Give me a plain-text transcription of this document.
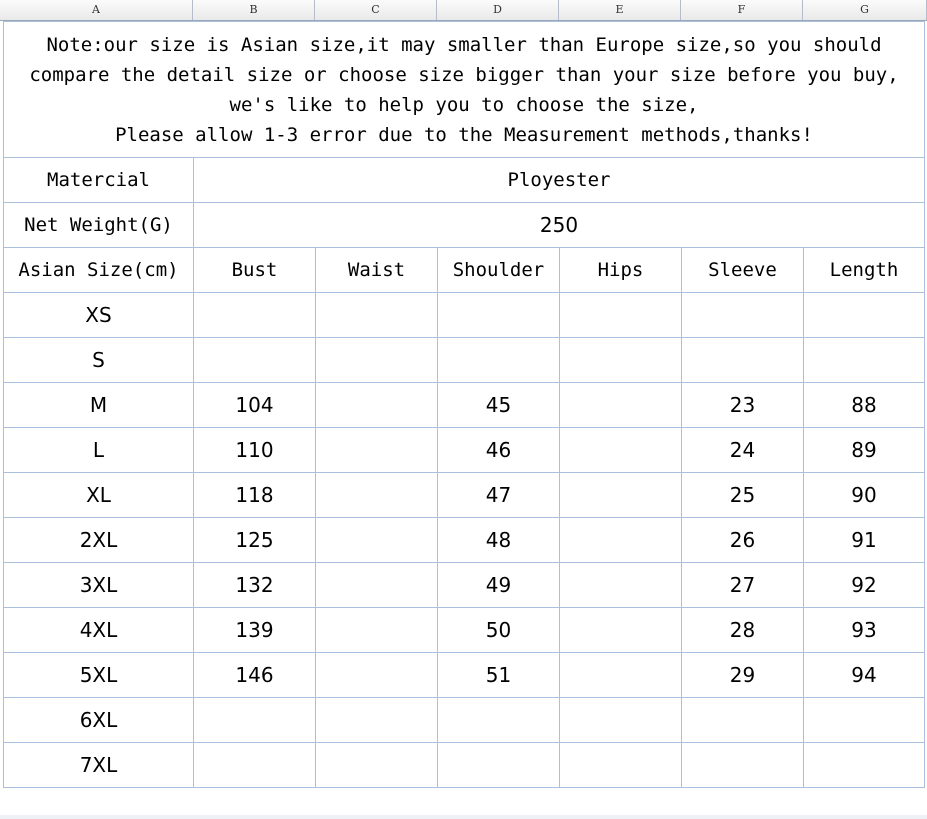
A	B	C	D	E	F	G
Note:our size is Asian size,it may smaller than Europe size,so you should
compare the detail size or choose size bigger than your size before you buy,
we's like to help you to choose the size,
Please allow 1-3 error due to the Measurement methods,thanks!						

Matercial	Ployester					
Net Weight(G)	250					
Asian Size(cm)	Bust	Waist	Shoulder	Hips	Sleeve	Length
XS						
S						
M	104		45		23	88
L	110		46		24	89
XL	118		47		25	90
2XL	125		48		26	91
3XL	132		49		27	92
4XL	139		50		28	93
5XL	146		51		29	94
6XL						
7XL						
